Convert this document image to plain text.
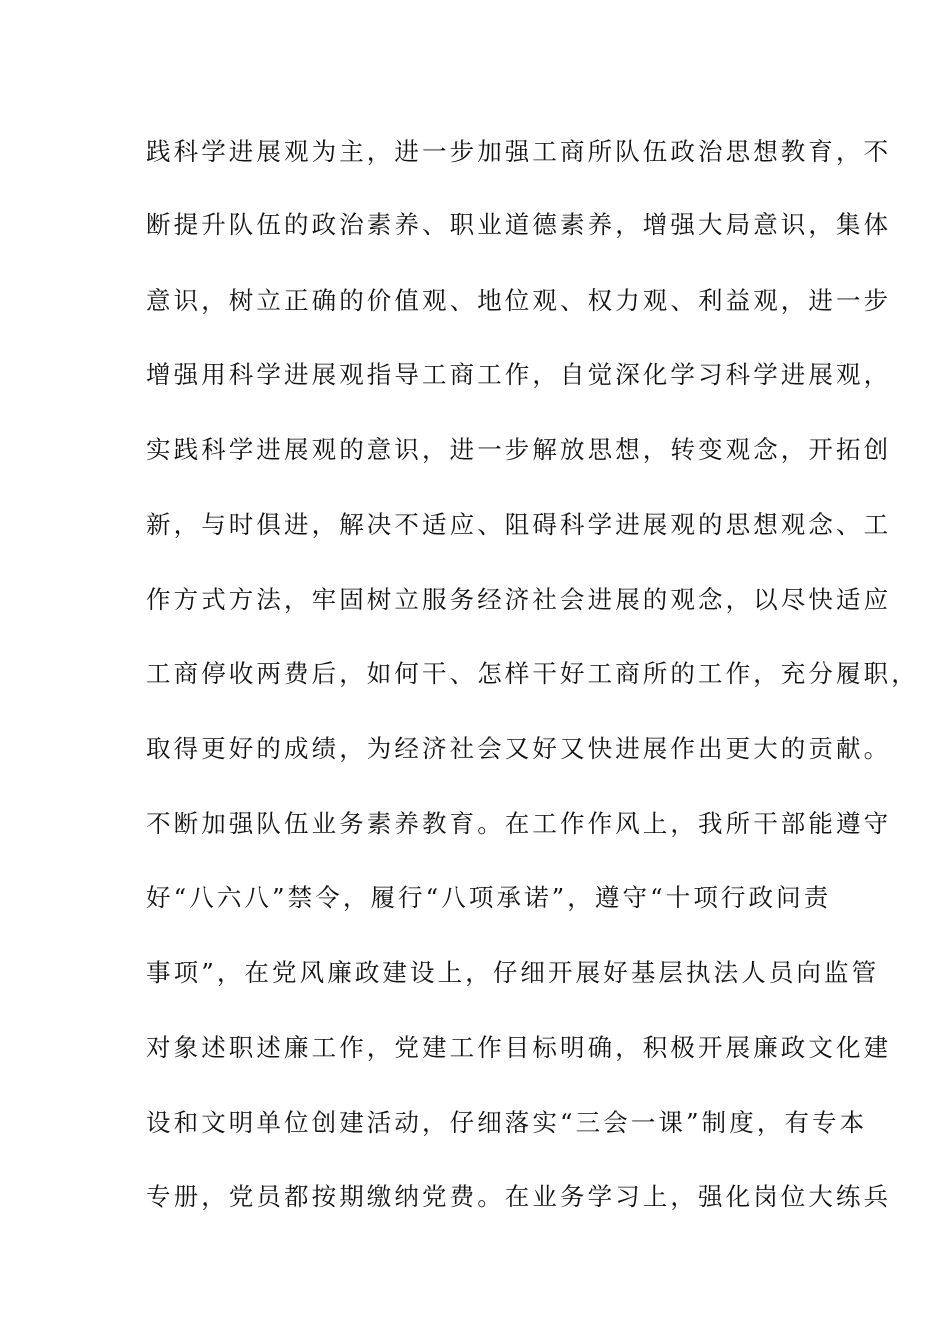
践科学进展观为主，进一步加强工商所队伍政治思想教育，不
断提升队伍的政治素养、职业道德素养，增强大局意识，集体
意识，树立正确的价值观、地位观、权力观、利益观，进一步
增强用科学进展观指导工商工作，自觉深化学习科学进展观，
实践科学进展观的意识，进一步解放思想，转变观念，开拓创
新，与时俱进，解决不适应、阻碍科学进展观的思想观念、工
作方式方法，牢固树立服务经济社会进展的观念，以尽快适应
工商停收两费后，如何干、怎样干好工商所的工作，充分履职，
取得更好的成绩，为经济社会又好又快进展作出更大的贡献。
不断加强队伍业务素养教育。在工作作风上，我所干部能遵守
好“八六八”禁令，履行“八项承诺”，遵守“十项行政问责
事项”，在党风廉政建设上，仔细开展好基层执法人员向监管
对象述职述廉工作，党建工作目标明确，积极开展廉政文化建
设和文明单位创建活动，仔细落实“三会一课”制度，有专本
专册，党员都按期缴纳党费。在业务学习上，强化岗位大练兵
